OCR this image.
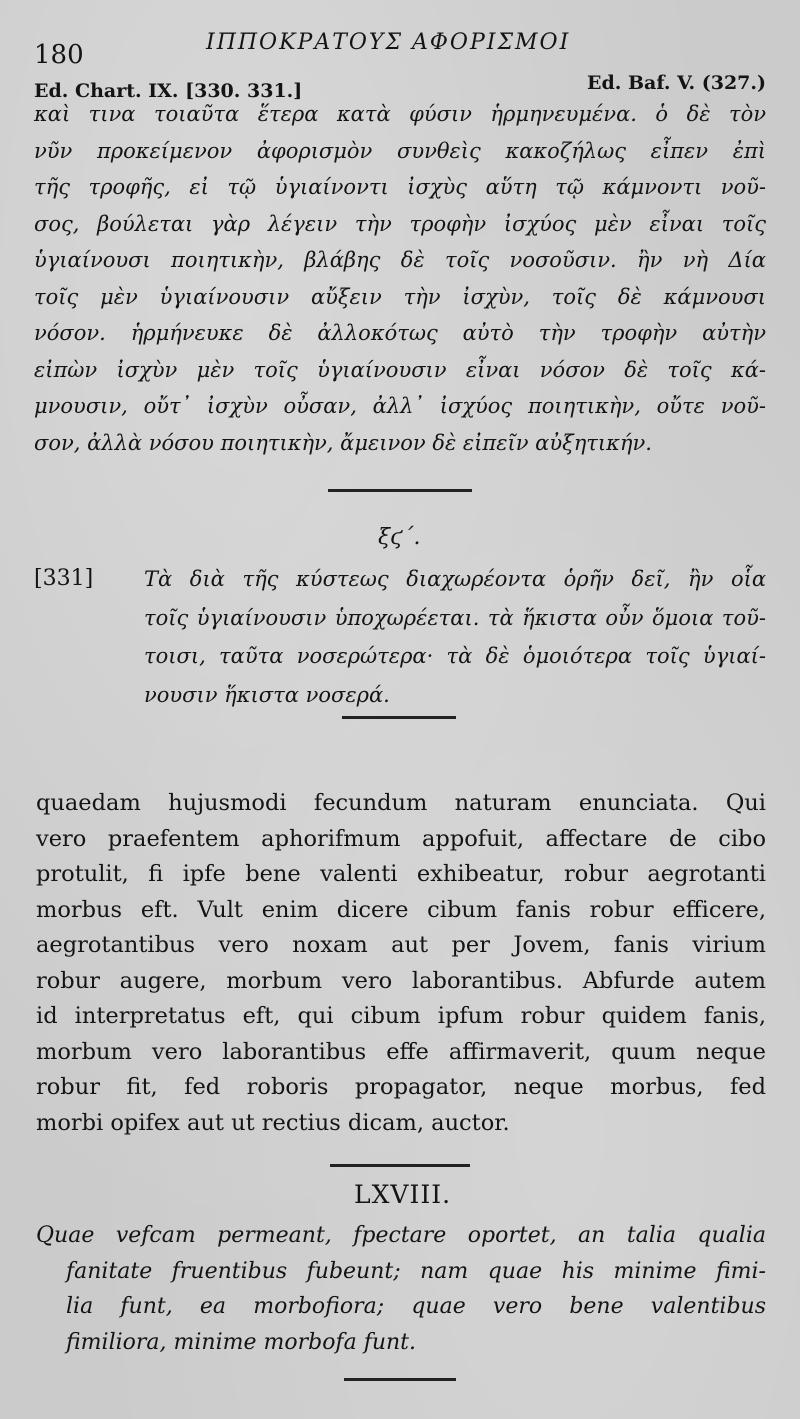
180	ΙΠΠΟΚΡΑΤΟΥΣ ΑΦΟΡΙΣΜΟΙ
Ed. Chart. IX. [330. 331.]	Ed. Baf. V. (327.)
καὶ τινα τοιαῦτα ἕτερα κατὰ φύσιν ἡρμηνευμένα. ὁ δὲ τὸν
νῦν προκείμενον ἀφορισμὸν συνθεὶς κακοζήλως εἶπεν ἐπὶ
τῆς τροφῆς, εἰ τῷ ὑγιαίνοντι ἰσχὺς αὕτη τῷ κάμνοντι νοῦ-
σος, βούλεται γὰρ λέγειν τὴν τροφὴν ἰσχύος μὲν εἶναι τοῖς
ὑγιαίνουσι ποιητικὴν, βλάβης δὲ τοῖς νοσοῦσιν. ἢν νὴ Δία
τοῖς μὲν ὑγιαίνουσιν αὔξειν τὴν ἰσχὺν, τοῖς δὲ κάμνουσι
νόσον. ἡρμήνευκε δὲ ἀλλοκότως αὐτὸ τὴν τροφὴν αὐτὴν
εἰπὼν ἰσχὺν μὲν τοῖς ὑγιαίνουσιν εἶναι νόσον δὲ τοῖς κά-
μνουσιν, οὔτ᾽ ἰσχὺν οὖσαν, ἀλλ᾽ ἰσχύος ποιητικὴν, οὔτε νοῦ-
σον, ἀλλὰ νόσου ποιητικὴν, ἄμεινον δὲ εἰπεῖν αὐξητικήν.
ξϛ΄.
[331] Τὰ διὰ τῆς κύστεως διαχωρέοντα ὁρῆν δεῖ, ἢν οἷα
τοῖς ὑγιαίνουσιν ὑποχωρέεται. τὰ ἥκιστα οὖν ὅμοια τοῦ-
τοισι, ταῦτα νοσερώτερα· τὰ δὲ ὁμοιότερα τοῖς ὑγιαί-
νουσιν ἥκιστα νοσερά.
quaedam hujusmodi fecundum naturam enunciata. Qui
vero praefentem aphorifmum appofuit, affectare de cibo
protulit, fi ipfe bene valenti exhibeatur, robur aegrotanti
morbus eft. Vult enim dicere cibum fanis robur efficere,
aegrotantibus vero noxam aut per Jovem, fanis virium
robur augere, morbum vero laborantibus. Abfurde autem
id interpretatus eft, qui cibum ipfum robur quidem fanis,
morbum vero laborantibus effe affirmaverit, quum neque
robur fit, fed roboris propagator, neque morbus, fed
morbi opifex aut ut rectius dicam, auctor.
LXVIII.
Quae vefcam permeant, fpectare oportet, an talia qualia
fanitate fruentibus fubeunt; nam quae his minime fimi-
lia funt, ea morbofiora; quae vero bene valentibus
fimiliora, minime morbofa funt.
